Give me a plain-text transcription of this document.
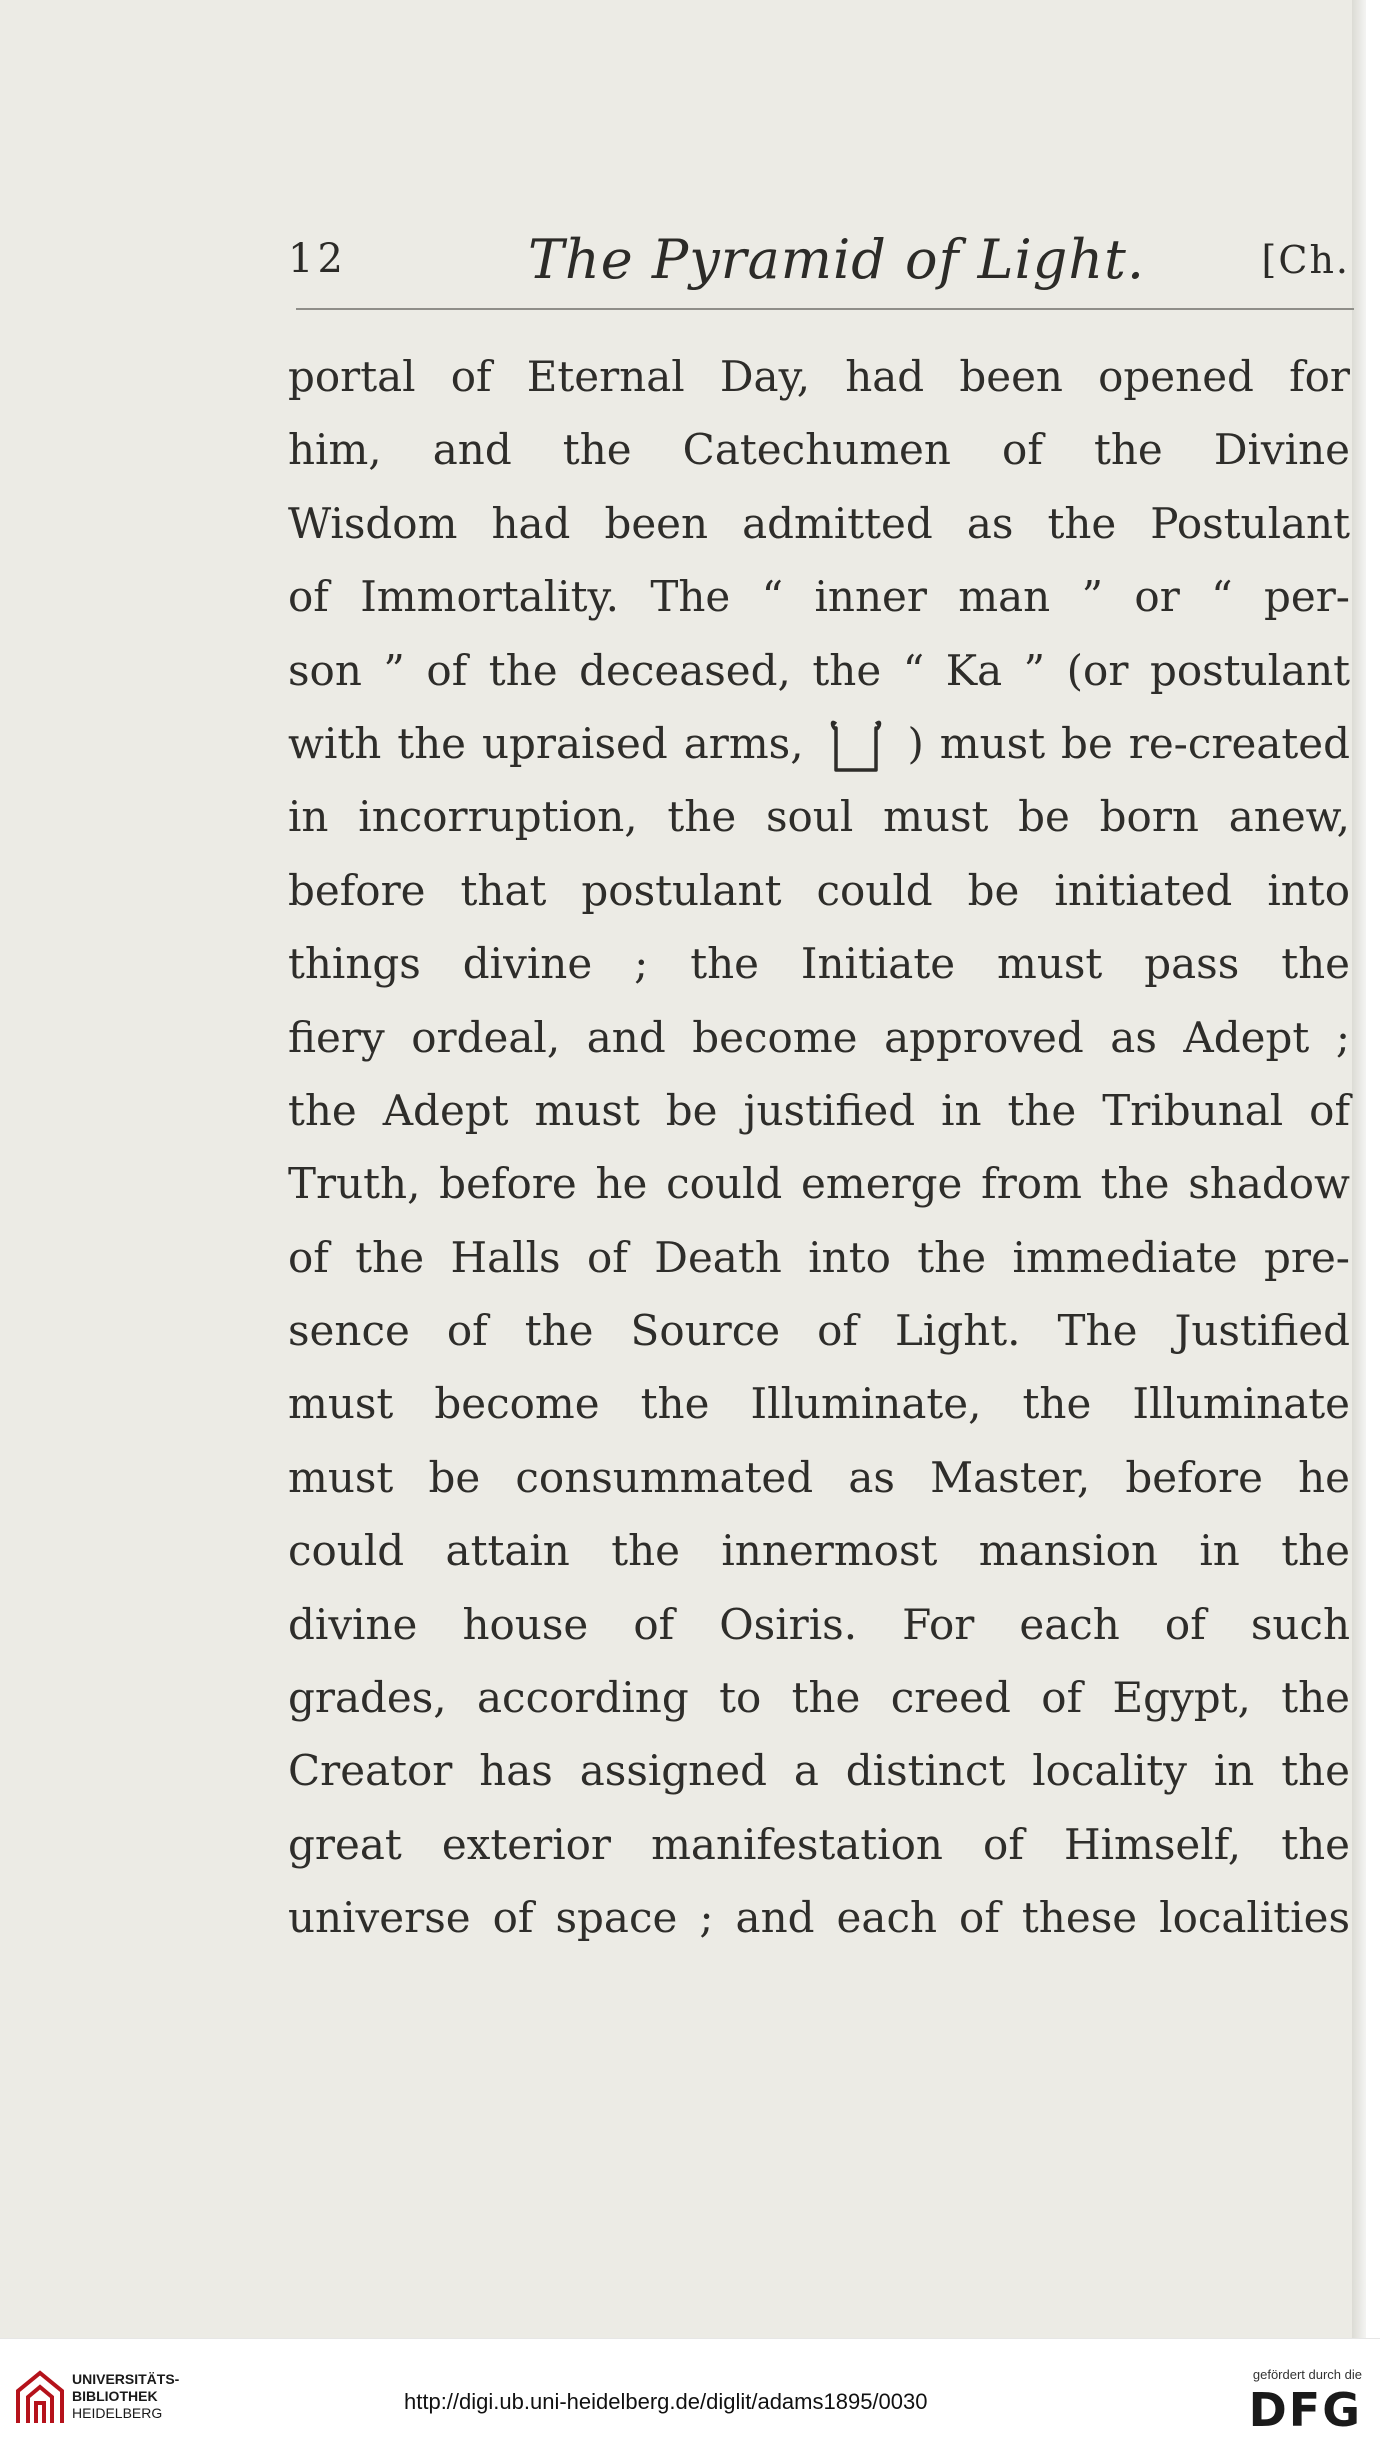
12	The Pyramid of Light.	[Ch.
portal of Eternal Day, had been opened for
him, and the Catechumen of the Divine
Wisdom had been admitted as the Postulant
of Immortality. The “ inner man ” or “ per-
son ” of the deceased, the “ Ka ” (or postulant
with the upraised arms, ) must be re-created
in incorruption, the soul must be born anew,
before that postulant could be initiated into
things divine ; the Initiate must pass the
fiery ordeal, and become approved as Adept ;
the Adept must be justified in the Tribunal of
Truth, before he could emerge from the shadow
of the Halls of Death into the immediate pre-
sence of the Source of Light. The Justified
must become the Illuminate, the Illuminate
must be consummated as Master, before he
could attain the innermost mansion in the
divine house of Osiris. For each of such
grades, according to the creed of Egypt, the
Creator has assigned a distinct locality in the
great exterior manifestation of Himself, the
universe of space ; and each of these localities
UNIVERSITÄTS-
BIBLIOTHEK
HEIDELBERG	http://digi.ub.uni-heidelberg.de/diglit/adams1895/0030
gefördert durch die
DFG
